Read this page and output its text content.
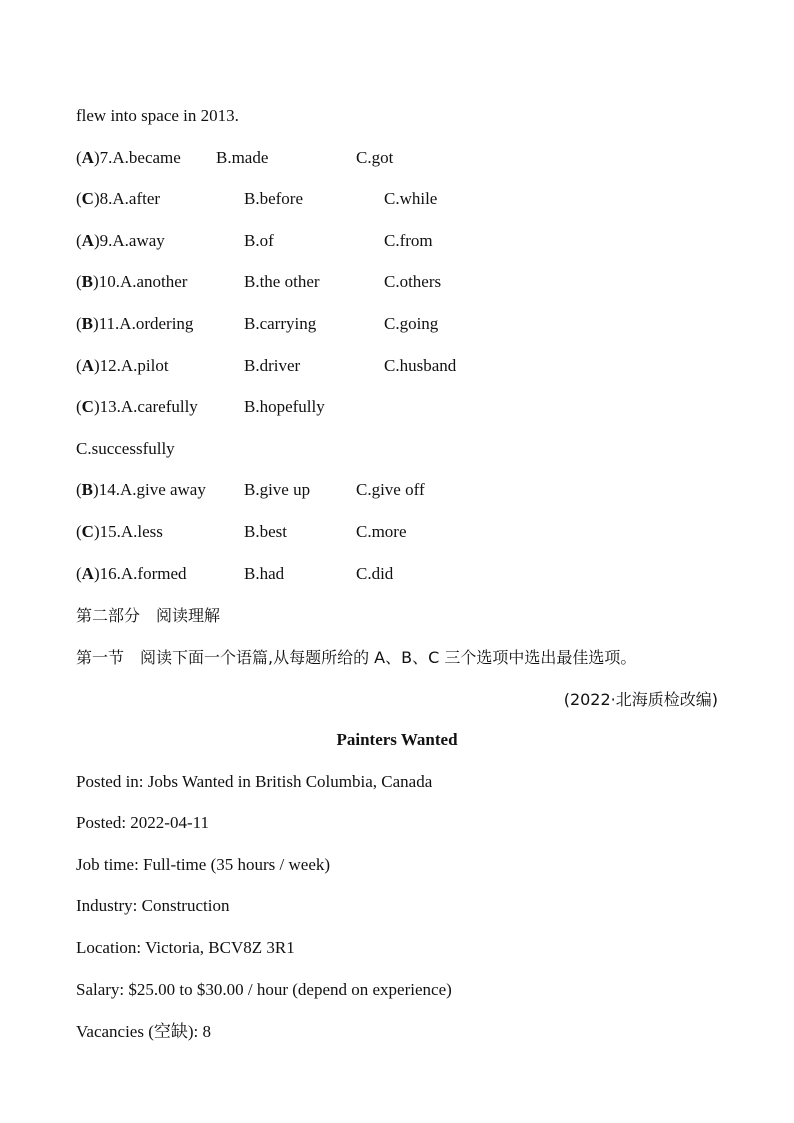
flew into space in 2013.
(A)7.A.became B.made	C.got
(C)8.A.after	B.before	C.while
(A)9.A.away	B.of	C.from
(B)10.A.another	B.the other	C.others
(B)11.A.ordering	B.carrying	C.going
(A)12.A.pilot	B.driver	C.husband
(C)13.A.carefully	B.hopefully
C.successfully
(B)14.A.give away B.give up	C.give off
(C)15.A.less	B.best	C.more
(A)16.A.formed	B.had	C.did
第二部分　阅读理解
第一节　阅读下面一个语篇,从每题所给的 A、B、C 三个选项中选出最佳选项。
(2022·北海质检改编)
Painters Wanted
Posted in: Jobs Wanted in British Columbia, Canada
Posted: 2022-04-11
Job time: Full-time (35 hours / week)
Industry: Construction
Location: Victoria, BCV8Z 3R1
Salary: $25.00 to $30.00 / hour (depend on experience)
Vacancies (空缺): 8
